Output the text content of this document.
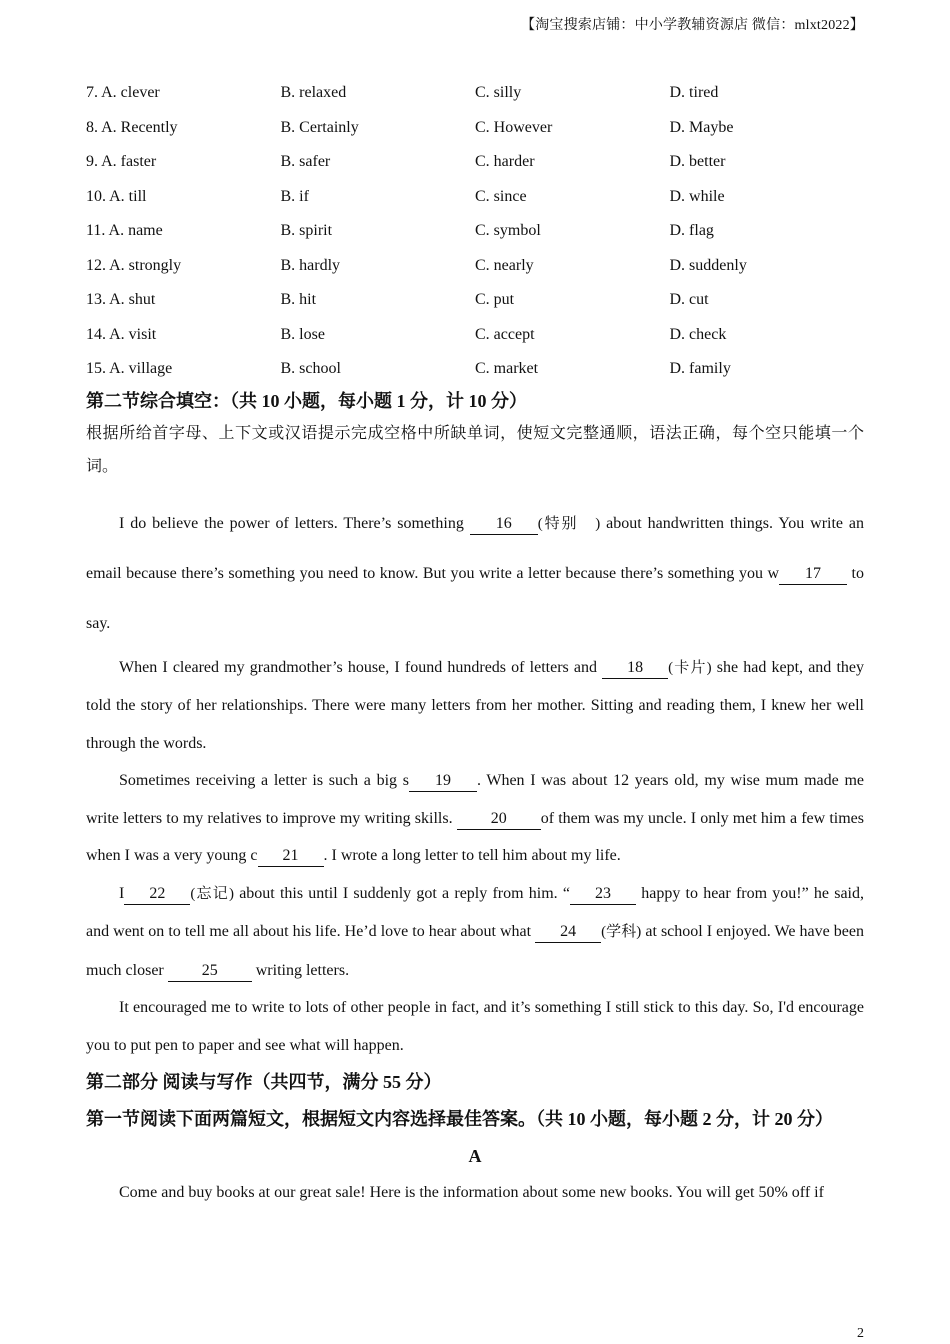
【淘宝搜索店铺：中小学教辅资源店 微信：mlxt2022】
7. A. clever	B. relaxed	C. silly	D. tired
8. A. Recently	B. Certainly	C. However	D. Maybe
9. A. faster	B. safer	C. harder	D. better
10. A. till	B. if	C. since	D. while
11. A. name	B. spirit	C. symbol	D. flag
12. A. strongly	B. hardly	C. nearly	D. suddenly
13. A. shut	B. hit	C. put	D. cut
14. A. visit	B. lose	C. accept	D. check
15. A. village	B. school	C. market	D. family

第二节综合填空：（共 10 小题，每小题 1 分，计 10 分）

根据所给首字母、上下文或汉语提示完成空格中所缺单词，使短文完整通顺，语法正确，每个空只能填一个词。

I do believe the power of letters. There’s something 16 (特别　) about handwritten things. You write an email because there’s something you need to know. But you write a letter because there’s something you w 17 to say.

When I cleared my grandmother’s house, I found hundreds of letters and 18 (卡片) she had kept, and they told the story of her relationships. There were many letters from her mother. Sitting and reading them, I knew her well through the words.

Sometimes receiving a letter is such a big s 19 . When I was about 12 years old, my wise mum made me write letters to my relatives to improve my writing skills. 20 of them was my uncle. I only met him a few times when I was a very young c 21 . I wrote a long letter to tell him about my life.

I 22 (忘记) about this until I suddenly got a reply from him. “ 23 happy to hear from you!” he said, and went on to tell me all about his life. He’d love to hear about what 24 (学科) at school I enjoyed. We have been much closer 25 writing letters.

It encouraged me to write to lots of other people in fact, and it’s something I still stick to this day. So, I'd encourage you to put pen to paper and see what will happen.

第二部分 阅读与写作（共四节，满分 55 分）

第一节阅读下面两篇短文，根据短文内容选择最佳答案。（共 10 小题，每小题 2 分，计 20 分）

A

Come and buy books at our great sale! Here is the information about some new books. You will get 50% off if

2
